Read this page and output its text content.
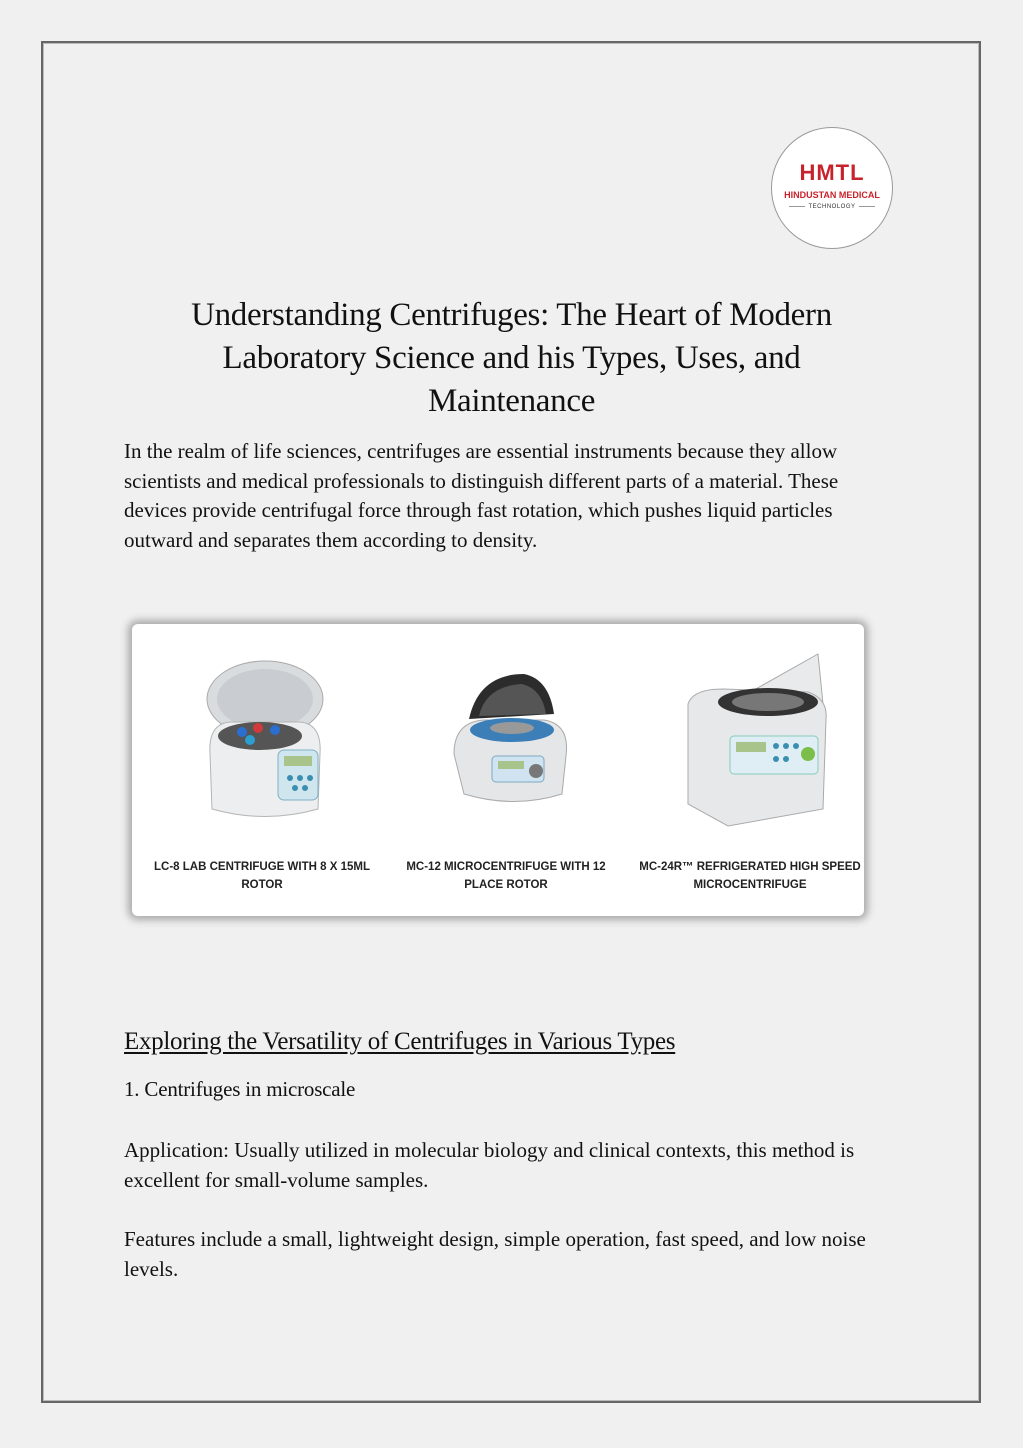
HMTL
HINDUSTAN MEDICAL
TECHNOLOGY
Understanding Centrifuges: The Heart of Modern Laboratory Science and his Types, Uses, and Maintenance

In the realm of life sciences, centrifuges are essential instruments because they allow scientists and medical professionals to distinguish different parts of a material. These devices provide centrifugal force through fast rotation, which pushes liquid particles outward and separates them according to density.

LC-8 LAB CENTRIFUGE WITH 8 X 15ML
ROTOR
MC-12 MICROCENTRIFUGE WITH 12
PLACE ROTOR
MC-24R™ REFRIGERATED HIGH SPEED
MICROCENTRIFUGE
Exploring the Versatility of Centrifuges in Various Types
1. Centrifuges in microscale

Application: Usually utilized in molecular biology and clinical contexts, this method is excellent for small-volume samples.

Features include a small, lightweight design, simple operation, fast speed, and low noise levels.
